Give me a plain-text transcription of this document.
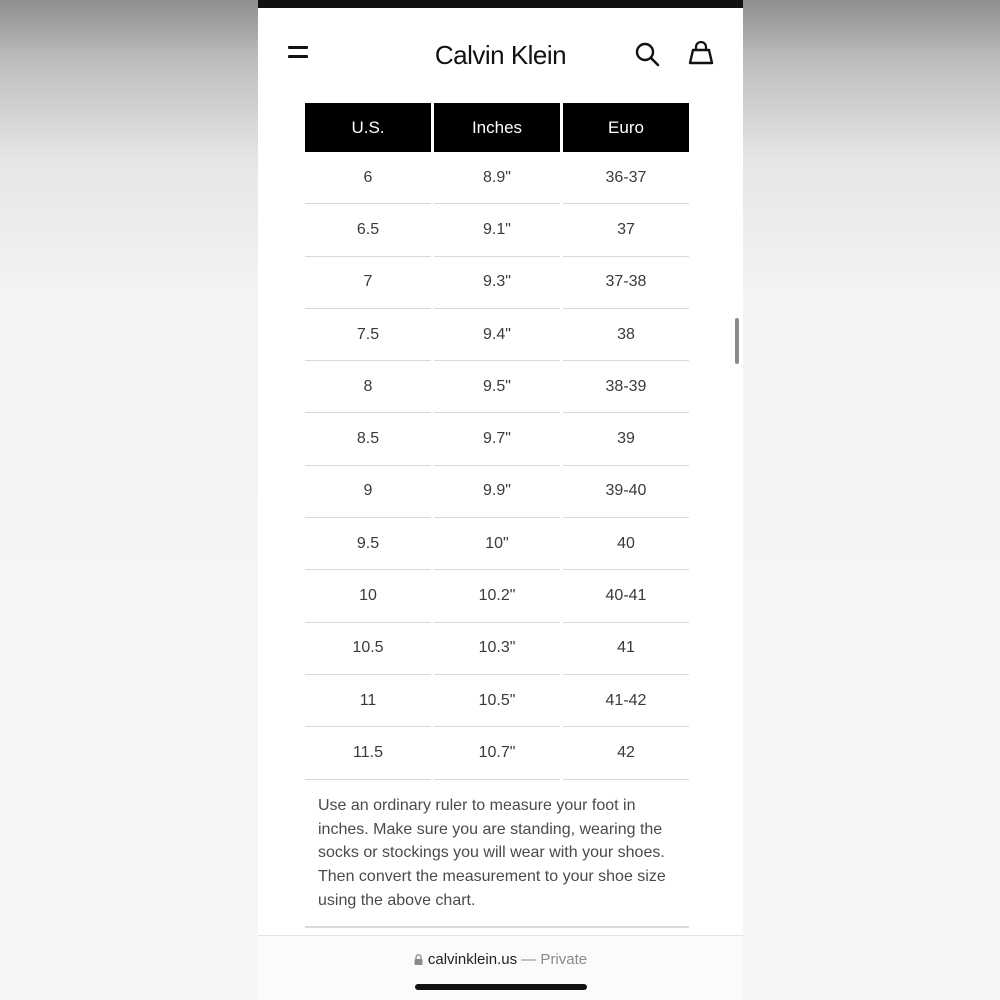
Calvin Klein
U.S.	Inches	Euro
6	8.9"	36-37
6.5	9.1"	37
7	9.3"	37-38
7.5	9.4"	38
8	9.5"	38-39
8.5	9.7"	39
9	9.9"	39-40
9.5	10"	40
10	10.2"	40-41
10.5	10.3"	41
11	10.5"	41-42
11.5	10.7"	42
Use an ordinary ruler to measure your foot in inches. Make sure you are standing, wearing the socks or stockings you will wear with your shoes. Then convert the measurement to your shoe size using the above chart.
calvinklein.us — Private
